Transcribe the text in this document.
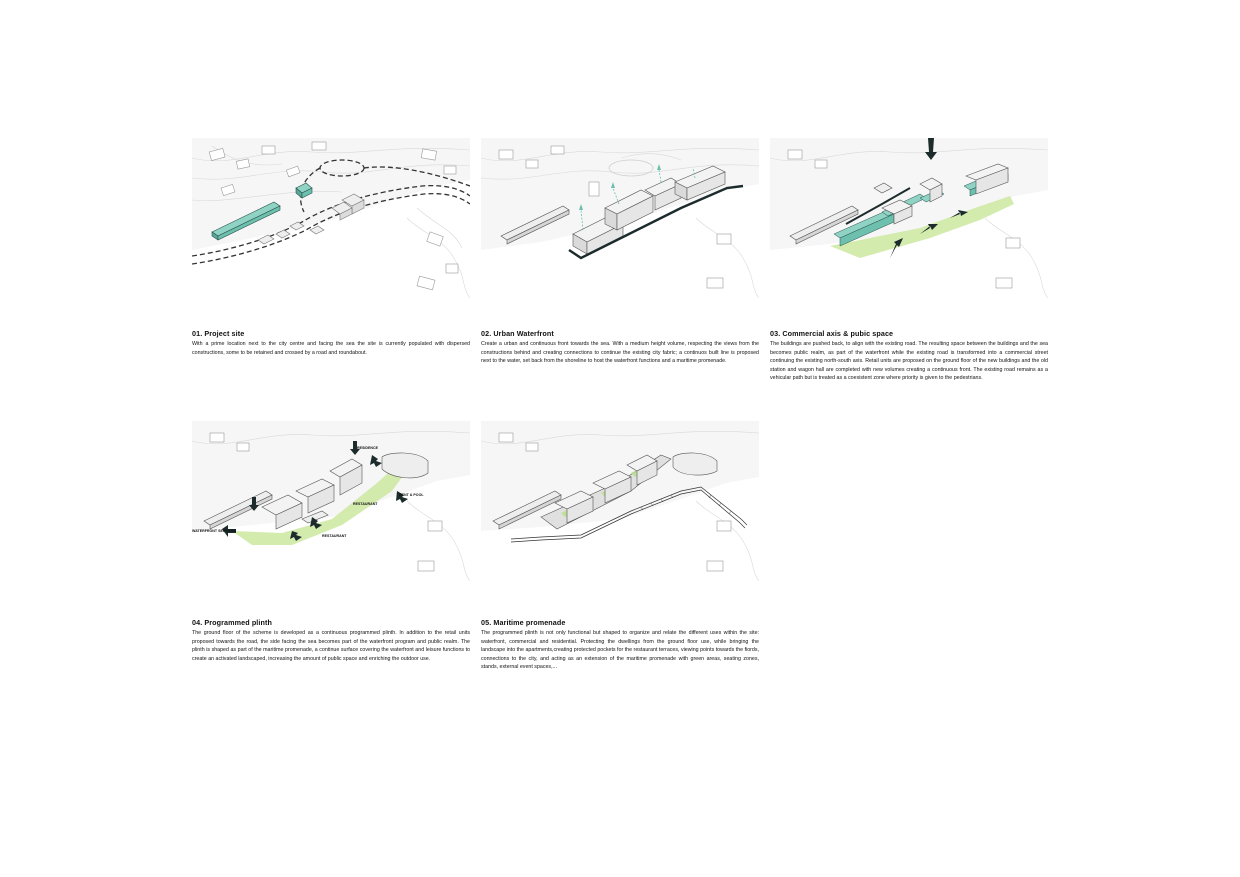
RESIDENCE
RENT & POOL
RESTAURANT
RESTAURANT
WATERFRONT SERVICES
01. Project site

With a prime location next to the city centre and facing the sea the site is currently populated with dispersed constructions, some to be retained and crossed by a road and roundabout.

02. Urban Waterfront

Create a urban and continuous front towards the sea. With a medium height volume, respecting the views from the constructions behind and creating connections to continue the existing city fabric; a continuos built line is proposed next to the water, set back from the shoreline to host the waterfront functions and a maritime promenade.

03. Commercial axis & pubic space

The buildings are pushed back, to align with the existing road. The resulting space between the buildings and the sea becomes public realm, as part of the waterfront while the existing road is transformed into a commercial street continuing the existing north-south axis. Retail units are proposed on the ground floor of the new buildings and the old station and wagon hall are completed with new volumes creating a continuous front. The existing road remains as a vehicular path but is treated as a coexistent zone where priority is given to the pedestrians.

04. Programmed plinth

The ground floor of the scheme is developed as a continuous programmed plinth. In addition to the retail units proposed towards the road, the side facing the sea becomes part of the waterfront program and public realm. The plinth is shaped as part of the maritime promenade, a continue surface covering the waterfront and leisure functions to create an activated landscaped, increasing the amount of public space and enriching the outdoor use.

05. Maritime promenade

The programmed plinth is not only functional but shaped to organize and relate the different uses within the site: waterfront, commercial and residential. Protecting the dwellings from the ground floor use, while bringing the landscape into the apartments,creating protected pockets for the restaurant terraces, viewing points towards the fiords, connections to the city, and acting as an extension of the maritime promenade with green areas, seating zones, stands, external event spaces,...
